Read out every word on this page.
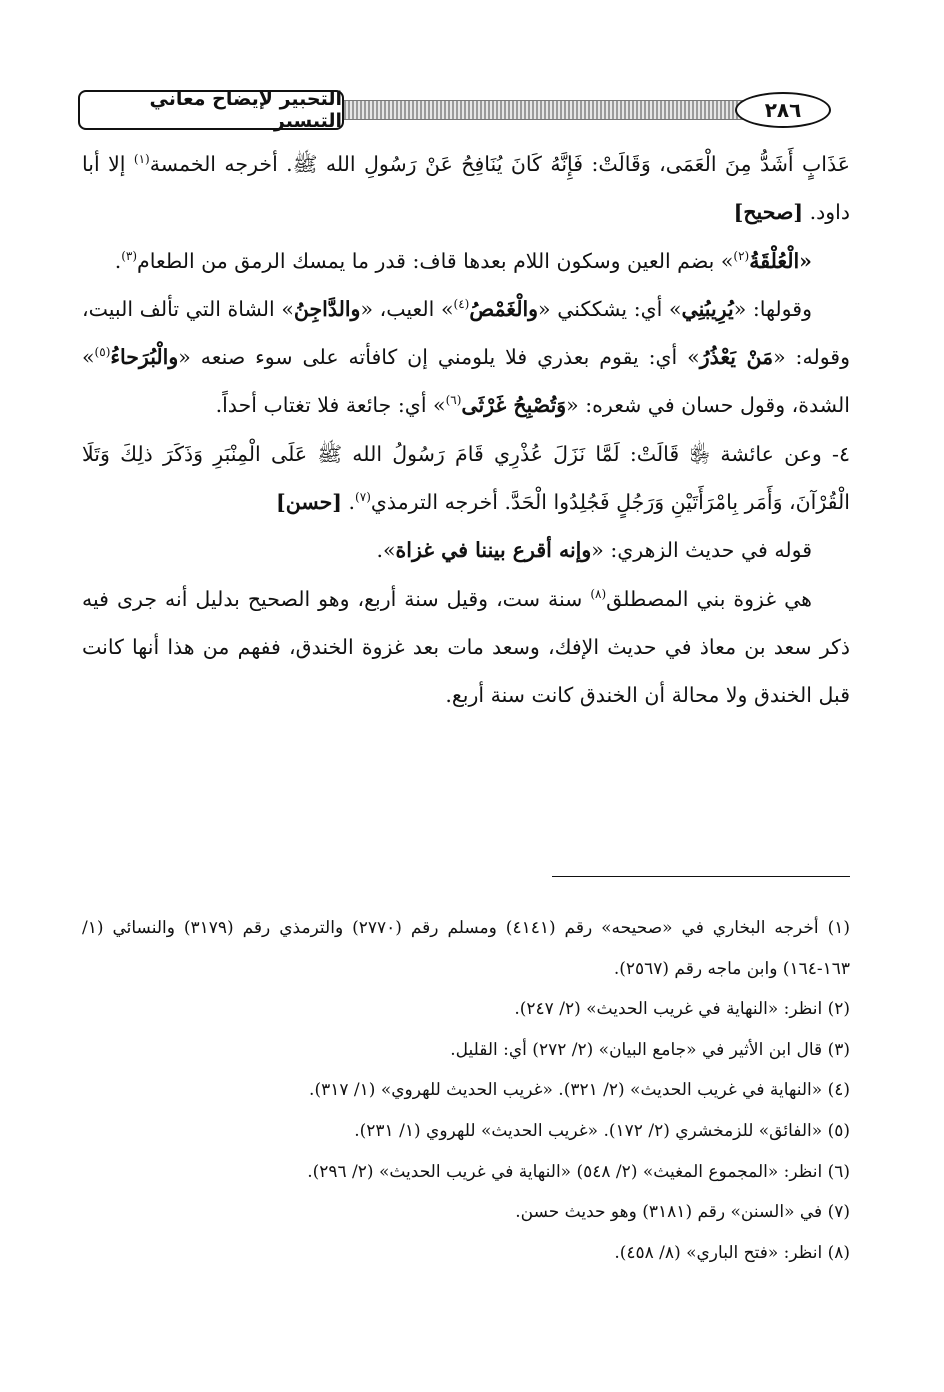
التحبير لإيضاح معاني التيسير	٢٨٦

عَذَابٍ أَشَدُّ مِنَ الْعَمَى، وَقَالَتْ: فَإِنَّهُ كَانَ يُنَافِحُ عَنْ رَسُولِ الله ﷺ. أخرجه الخمسة$^{(١)}$ إلا أبا داود. [صحيح]

«الْعُلْقَةُ$^{(٢)}$» بضم العين وسكون اللام بعدها قاف: قدر ما يمسك الرمق من الطعام$^{(٣)}$.

وقولها: «يُرِيبُنِي» أي: يشككني «والْغَمْصُ$^{(٤)}$» العيب، «والدَّاجِنُ» الشاة التي تألف البيت، وقوله: «مَنْ يَعْذُرُ» أي: يقوم بعذري فلا يلومني إن كافأته على سوء صنعه «والْبُرَحاءُ$^{(٥)}$» الشدة، وقول حسان في شعره: «وَتُصْبِحُ غَرْثَى$^{(٦)}$» أي: جائعة فلا تغتاب أحداً.

٤- وعن عائشة ﵂ قَالَتْ: لَمَّا نَزَلَ عُذْرِي قَامَ رَسُولُ الله ﷺ عَلَى الْمِنْبَرِ وَذَكَرَ ذلِكَ وَتَلَا الْقُرْآنَ، وَأَمَر بِامْرَأَتَيْنِ وَرَجُلٍ فَجُلِدُوا الْحَدَّ. أخرجه الترمذي$^{(٧)}$. [حسن]

قوله في حديث الزهري: «وإنه أقرع بيننا في غزاة».

هي غزوة بني المصطلق$^{(٨)}$ سنة ست، وقيل سنة أربع، وهو الصحيح بدليل أنه جرى فيه ذكر سعد بن معاذ في حديث الإفك، وسعد مات بعد غزوة الخندق، ففهم من هذا أنها كانت قبل الخندق ولا محالة أن الخندق كانت سنة أربع.

(١) أخرجه البخاري في «صحيحه» رقم (٤١٤١) ومسلم رقم (٢٧٧٠) والترمذي رقم (٣١٧٩) والنسائي (١/ ١٦٣-١٦٤) وابن ماجه رقم (٢٥٦٧).

(٢) انظر: «النهاية في غريب الحديث» (٢/ ٢٤٧).

(٣) قال ابن الأثير في «جامع البيان» (٢/ ٢٧٢) أي: القليل.

(٤) «النهاية في غريب الحديث» (٢/ ٣٢١). «غريب الحديث للهروي» (١/ ٣١٧).

(٥) «الفائق» للزمخشري (٢/ ١٧٢). «غريب الحديث» للهروي (١/ ٢٣١).

(٦) انظر: «المجموع المغيث» (٢/ ٥٤٨) «النهاية في غريب الحديث» (٢/ ٢٩٦).

(٧) في «السنن» رقم (٣١٨١) وهو حديث حسن.

(٨) انظر: «فتح الباري» (٨/ ٤٥٨).
